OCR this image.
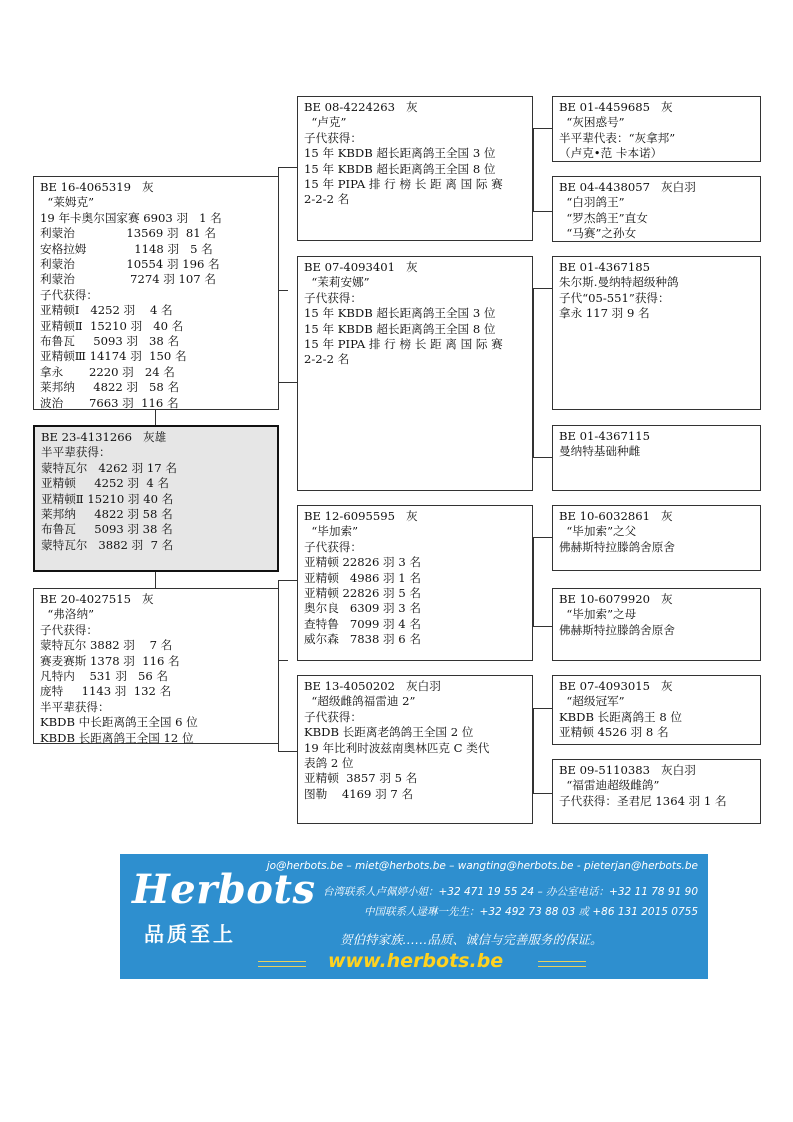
BE 16-4065319   灰
“莱姆克”
19 年卡奥尔国家赛 6903 羽   1 名
利蒙治              13569 羽  81 名
安格拉姆             1148 羽   5 名
利蒙治              10554 羽 196 名
利蒙治               7274 羽 107 名
子代获得：
亚精顿Ⅰ   4252 羽    4 名
亚精顿Ⅱ  15210 羽   40 名
布鲁瓦     5093 羽   38 名
亚精顿Ⅲ 14174 羽  150 名
拿永       2220 羽   24 名
莱邦纳     4822 羽   58 名
波治       7663 羽  116 名
BE 23-4131266   灰雄
半平辈获得：
蒙特瓦尔   4262 羽 17 名
亚精顿     4252 羽  4 名
亚精顿Ⅱ 15210 羽 40 名
莱邦纳     4822 羽 58 名
布鲁瓦     5093 羽 38 名
蒙特瓦尔   3882 羽  7 名
BE 20-4027515   灰
“弗洛纳”
子代获得：
蒙特瓦尔 3882 羽    7 名
赛麦赛斯 1378 羽  116 名
凡特内    531 羽   56 名
庞特     1143 羽  132 名
半平辈获得：
KBDB 中长距离鸽王全国 6 位
KBDB 长距离鸽王全国 12 位
BE 08-4224263   灰
“卢克”
子代获得：
15 年 KBDB 超长距离鸽王全国 3 位
15 年 KBDB 超长距离鸽王全国 8 位
15 年 PIPA 排 行 榜 长 距 离 国 际 赛
2-2-2 名
BE 07-4093401   灰
“茉莉安娜”
子代获得：
15 年 KBDB 超长距离鸽王全国 3 位
15 年 KBDB 超长距离鸽王全国 8 位
15 年 PIPA 排 行 榜 长 距 离 国 际 赛
2-2-2 名
BE 12-6095595   灰
“毕加索”
子代获得：
亚精顿 22826 羽 3 名
亚精顿   4986 羽 1 名
亚精顿 22826 羽 5 名
奥尔良   6309 羽 3 名
查特鲁   7099 羽 4 名
威尔森   7838 羽 6 名
BE 13-4050202   灰白羽
“超级雌鸽福雷迪 2”
子代获得：
KBDB 长距离老鸽鸽王全国 2 位
19 年比利时波兹南奥林匹克 C 类代
表鸽 2 位
亚精顿  3857 羽 5 名
图勒    4169 羽 7 名
BE 01-4459685   灰
“灰困惑号”
半平辈代表：“灰拿邦”
（卢克•范 卡本诺）
BE 04-4438057   灰白羽
“白羽鸽王”
“罗杰鸽王”直女
“马赛”之孙女
BE 01-4367185
朱尔斯.曼纳特超级种鸽
子代“05-551”获得：
拿永 117 羽 9 名
BE 01-4367115
曼纳特基础种雌
BE 10-6032861   灰
“毕加索”之父
佛赫斯特拉滕鸽舍原舍
BE 10-6079920   灰
“毕加索”之母
佛赫斯特拉滕鸽舍原舍
BE 07-4093015   灰
“超级冠军”
KBDB 长距离鸽王 8 位
亚精顿 4526 羽 8 名
BE 09-5110383   灰白羽
“福雷迪超级雌鸽”
子代获得：圣君尼 1364 羽 1 名
Herbots
品质至上
jo@herbots.be – miet@herbots.be – wangting@herbots.be - pieterjan@herbots.be
台湾联系人卢佩婷小姐：+32 471 19 55 24 – 办公室电话：+32 11 78 91 90
中国联系人逯琳一先生：+32 492 73 88 03 或 +86 131 2015 0755
贺伯特家族……品质、诚信与完善服务的保证。
www.herbots.be
